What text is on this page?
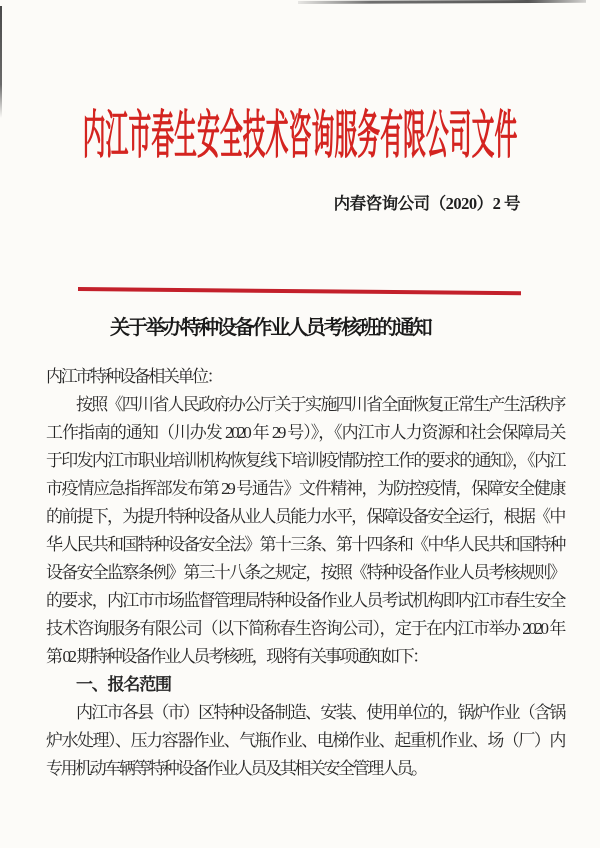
内江市春生安全技术咨询服务有限公司文件
内春咨询公司（2020）2 号
关于举办特种设备作业人员考核班的通知
内江市特种设备相关单位：
按照《四川省人民政府办公厅关于实施四川省全面恢复正常生产生活秩序
工作指南的通知（川办发 2020 年 29 号）》，《内江市人力资源和社会保障局关
于印发内江市职业培训机构恢复线下培训疫情防控工作的要求的通知》，《内江
市疫情应急指挥部发布第 29 号通告》文件精神，为防控疫情，保障安全健康
的前提下，为提升特种设备从业人员能力水平，保障设备安全运行，根据《中
华人民共和国特种设备安全法》第十三条、第十四条和《中华人民共和国特种
设备安全监察条例》第三十八条之规定，按照《特种设备作业人员考核规则》
的要求，内江市市场监督管理局特种设备作业人员考试机构即内江市春生安全
技术咨询服务有限公司（以下简称春生咨询公司），定于在内江市举办 2020 年
第 02 期特种设备作业人员考核班，现将有关事项通知如下：
一、报名范围
内江市各县（市）区特种设备制造、安装、使用单位的，锅炉作业（含锅
炉水处理）、压力容器作业、气瓶作业、电梯作业、起重机作业、场（厂）内
专用机动车辆等特种设备作业人员及其相关安全管理人员。
